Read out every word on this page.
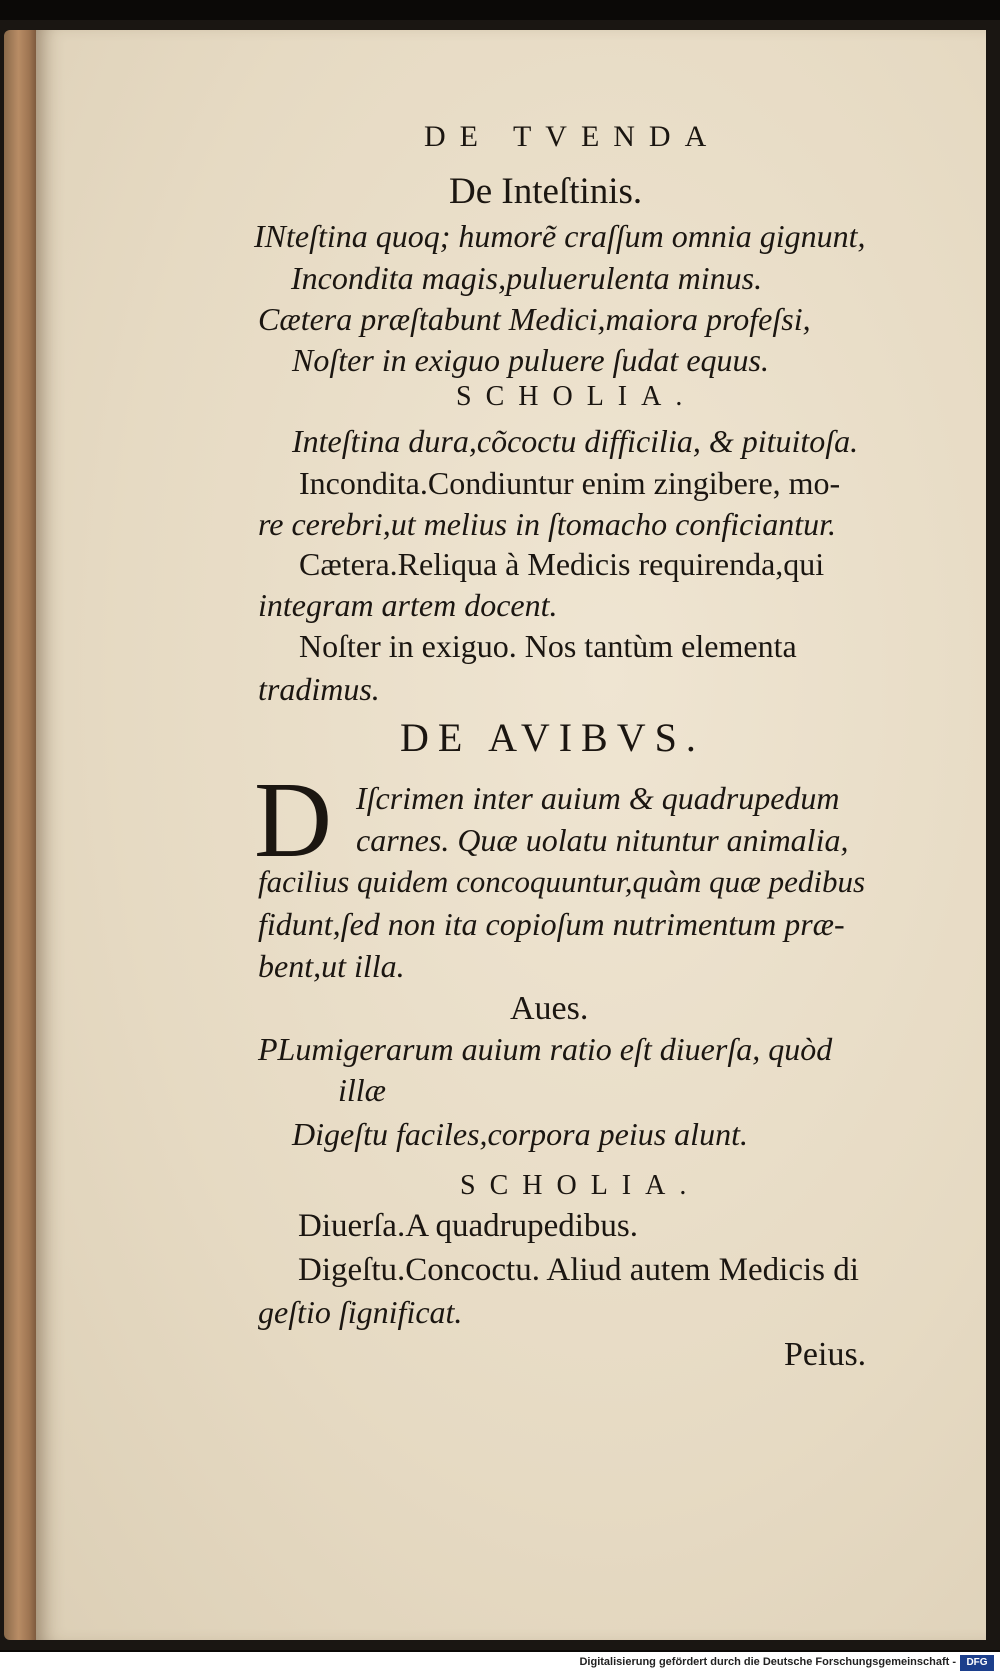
DE TVENDA

De Inteſtinis.

INteſtina quoq; humorẽ craſſum omnia gignunt,

Incondita magis,puluerulenta minus.

Cætera præſtabunt Medici,maiora profeſsi,

Noſter in exiguo puluere ſudat equus.

SCHOLIA.

Inteſtina dura,cõcoctu difficilia, & pituitoſa.

Incondita.Condiuntur enim zingibere, mo-

re cerebri,ut melius in ſtomacho conficiantur.

Cætera.Reliqua à Medicis requirenda,qui

integram artem docent.

Noſter in exiguo. Nos tantùm elementa

tradimus.

DE AVIBVS.

D Iſcrimen inter auium & quadrupedum

carnes. Quæ uolatu nituntur animalia,

facilius quidem concoquuntur,quàm quæ pedibus

fidunt,ſed non ita copioſum nutrimentum præ-

bent,ut illa.

Aues.

PLumigerarum auium ratio eſt diuerſa, quòd

illæ

Digeſtu faciles,corpora peius alunt.

SCHOLIA.

Diuerſa.A quadrupedibus.

Digeſtu.Concoctu. Aliud autem Medicis di

geſtio ſignificat.

Peius.

Digitalisierung gefördert durch die Deutsche Forschungsgemeinschaft -	DFG
